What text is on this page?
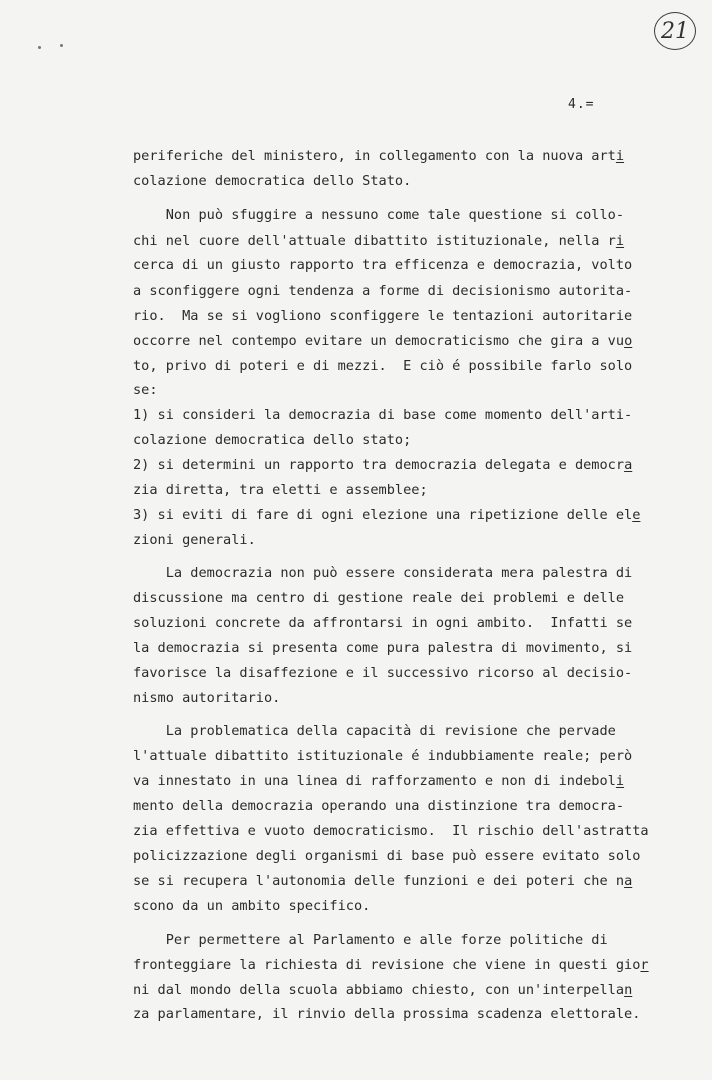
21
4.=
periferiche del ministero, in collegamento con la nuova arti
colazione democratica dello Stato.
Non può sfuggire a nessuno come tale questione si collo-
chi nel cuore dell'attuale dibattito istituzionale, nella ri
cerca di un giusto rapporto tra efficenza e democrazia, volto
a sconfiggere ogni tendenza a forme di decisionismo autorita-
rio.  Ma se si vogliono sconfiggere le tentazioni autoritarie
occorre nel contempo evitare un democraticismo che gira a vuo
to, privo di poteri e di mezzi.  E ciò é possibile farlo solo
se:
1) si consideri la democrazia di base come momento dell'arti-
colazione democratica dello stato;
2) si determini un rapporto tra democrazia delegata e democra
zia diretta, tra eletti e assemblee;
3) si eviti di fare di ogni elezione una ripetizione delle ele
zioni generali.
La democrazia non può essere considerata mera palestra di
discussione ma centro di gestione reale dei problemi e delle
soluzioni concrete da affrontarsi in ogni ambito.  Infatti se
la democrazia si presenta come pura palestra di movimento, si
favorisce la disaffezione e il successivo ricorso al decisio-
nismo autoritario.
La problematica della capacità di revisione che pervade
l'attuale dibattito istituzionale é indubbiamente reale; però
va innestato in una linea di rafforzamento e non di indeboli
mento della democrazia operando una distinzione tra democra-
zia effettiva e vuoto democraticismo.  Il rischio dell'astratta
policizzazione degli organismi di base può essere evitato solo
se si recupera l'autonomia delle funzioni e dei poteri che na
scono da un ambito specifico.
Per permettere al Parlamento e alle forze politiche di
fronteggiare la richiesta di revisione che viene in questi gior
ni dal mondo della scuola abbiamo chiesto, con un'interpellan
za parlamentare, il rinvio della prossima scadenza elettorale.
